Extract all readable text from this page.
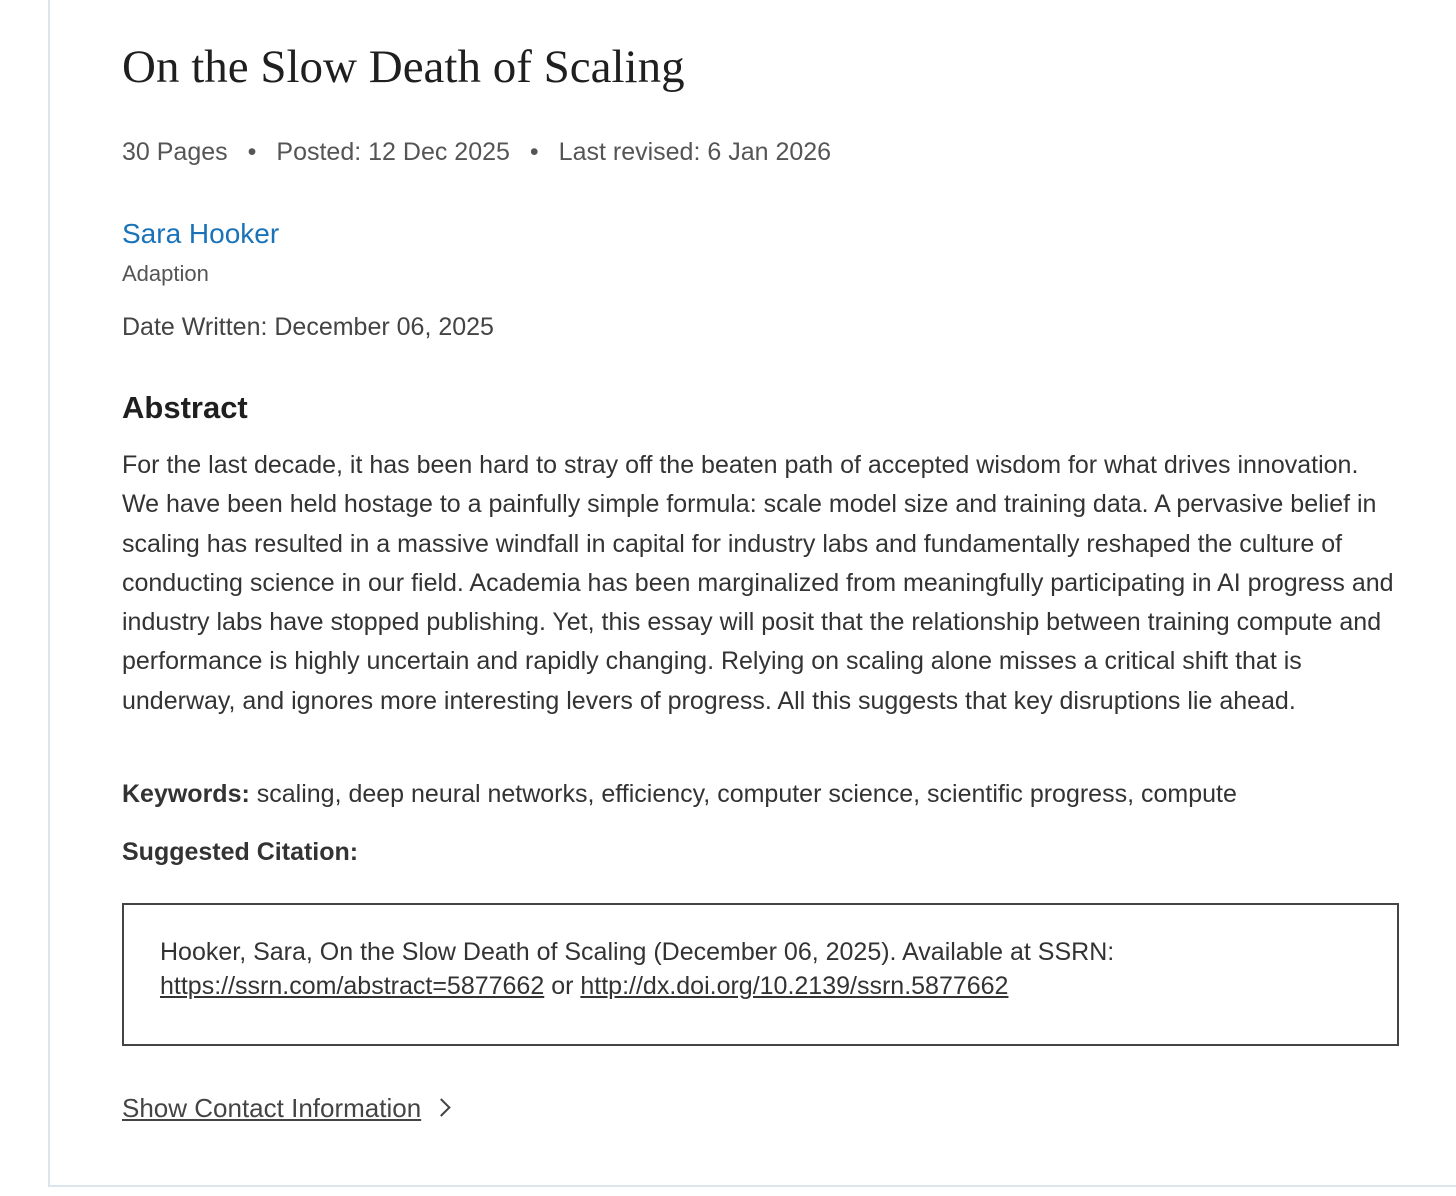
On the Slow Death of Scaling
30 Pages • Posted: 12 Dec 2025 • Last revised: 6 Jan 2026
Sara Hooker
Adaption
Date Written: December 06, 2025
Abstract

For the last decade, it has been hard to stray off the beaten path of accepted wisdom for what drives innovation. We have been held hostage to a painfully simple formula: scale model size and training data. A pervasive belief in scaling has resulted in a massive windfall in capital for industry labs and fundamentally reshaped the culture of conducting science in our field. Academia has been marginalized from meaningfully participating in AI progress and industry labs have stopped publishing. Yet, this essay will posit that the relationship between training compute and performance is highly uncertain and rapidly changing. Relying on scaling alone misses a critical shift that is underway, and ignores more interesting levers of progress. All this suggests that key disruptions lie ahead.

Keywords: scaling, deep neural networks, efficiency, computer science, scientific progress, compute
Suggested Citation:
Hooker, Sara, On the Slow Death of Scaling (December 06, 2025). Available at SSRN:
https://ssrn.com/abstract=5877662 or http://dx.doi.org/10.2139/ssrn.5877662
Show Contact Information
